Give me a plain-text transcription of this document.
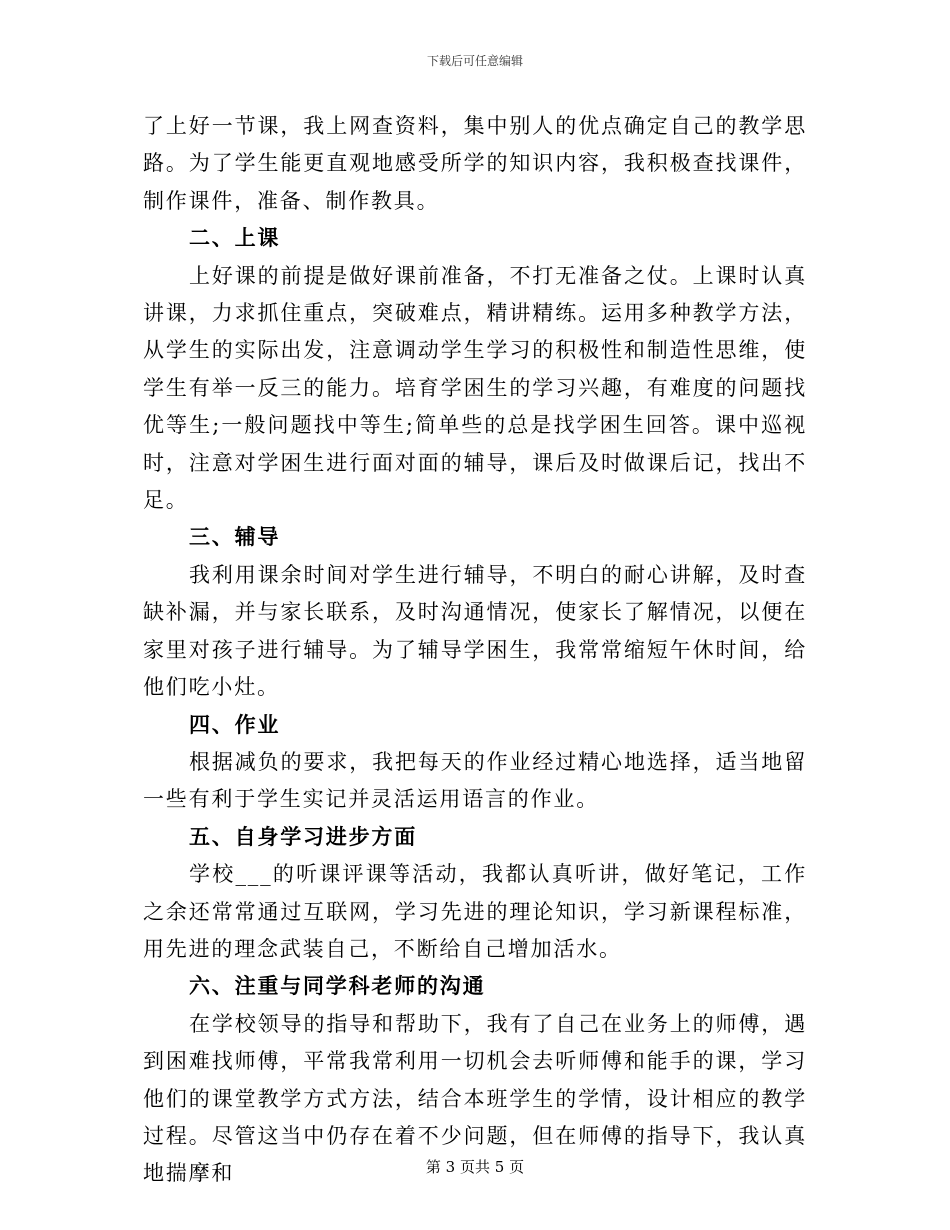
下载后可任意编辑

了上好一节课，我上网查资料，集中别人的优点确定自己的教学思路。为了学生能更直观地感受所学的知识内容，我积极查找课件，制作课件，准备、制作教具。

二、上课

上好课的前提是做好课前准备，不打无准备之仗。上课时认真讲课，力求抓住重点，突破难点，精讲精练。运用多种教学方法，从学生的实际出发，注意调动学生学习的积极性和制造性思维，使学生有举一反三的能力。培育学困生的学习兴趣，有难度的问题找优等生;一般问题找中等生;简单些的总是找学困生回答。课中巡视时，注意对学困生进行面对面的辅导，课后及时做课后记，找出不足。

三、辅导

我利用课余时间对学生进行辅导，不明白的耐心讲解，及时查缺补漏，并与家长联系，及时沟通情况，使家长了解情况，以便在家里对孩子进行辅导。为了辅导学困生，我常常缩短午休时间，给他们吃小灶。

四、作业

根据减负的要求，我把每天的作业经过精心地选择，适当地留一些有利于学生实记并灵活运用语言的作业。

五、自身学习进步方面

学校___的听课评课等活动，我都认真听讲，做好笔记，工作之余还常常通过互联网，学习先进的理论知识，学习新课程标准，用先进的理念武装自己，不断给自己增加活水。

六、注重与同学科老师的沟通

在学校领导的指导和帮助下，我有了自己在业务上的师傅，遇到困难找师傅，平常我常利用一切机会去听师傅和能手的课，学习他们的课堂教学方式方法，结合本班学生的学情，设计相应的教学过程。尽管这当中仍存在着不少问题，但在师傅的指导下，我认真地揣摩和	第 3 页共 5 页
